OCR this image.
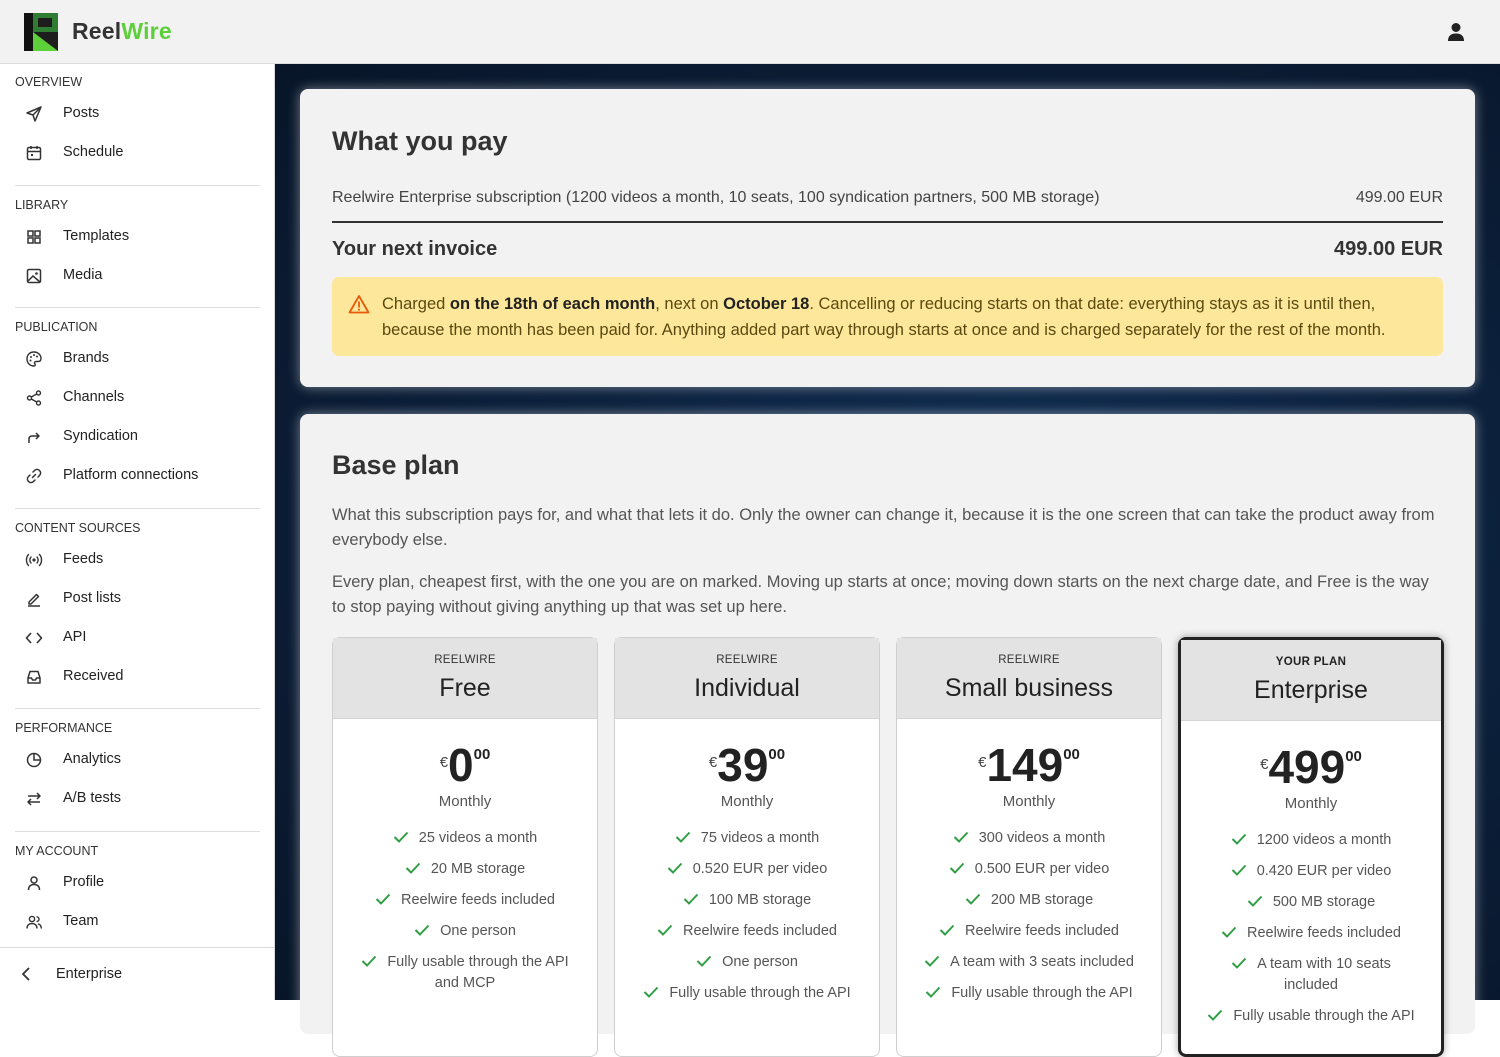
ReelWire
OVERVIEW
Posts
Schedule
LIBRARY
Templates
Media
PUBLICATION
Brands
Channels
Syndication
Platform connections
CONTENT SOURCES
Feeds
Post lists
API
Received
PERFORMANCE
Analytics
A/B tests
MY ACCOUNT
Profile
Team
Enterprise
What you pay
Reelwire Enterprise subscription (1200 videos a month, 10 seats, 100 syndication partners, 500 MB storage)	499.00 EUR
Your next invoice	499.00 EUR
Charged on the 18th of each month, next on October 18. Cancelling or reducing starts on that date: everything stays as it is until then, because the month has been paid for. Anything added part way through starts at once and is charged separately for the rest of the month.
Base plan

What this subscription pays for, and what that lets it do. Only the owner can change it, because it is the one screen that can take the product away from everybody else.

Every plan, cheapest first, with the one you are on marked. Moving up starts at once; moving down starts on the next charge date, and Free is the way to stop paying without giving anything up that was set up here.

REELWIRE
Free
€000
Monthly
25 videos a month
20 MB storage
Reelwire feeds included
One person
Fully usable through the API and MCP
REELWIRE
Individual
€3900
Monthly
75 videos a month
0.520 EUR per video
100 MB storage
Reelwire feeds included
One person
Fully usable through the API
REELWIRE
Small business
€14900
Monthly
300 videos a month
0.500 EUR per video
200 MB storage
Reelwire feeds included
A team with 3 seats included
Fully usable through the API
YOUR PLAN
Enterprise
€49900
Monthly
1200 videos a month
0.420 EUR per video
500 MB storage
Reelwire feeds included
A team with 10 seats included
Fully usable through the API
